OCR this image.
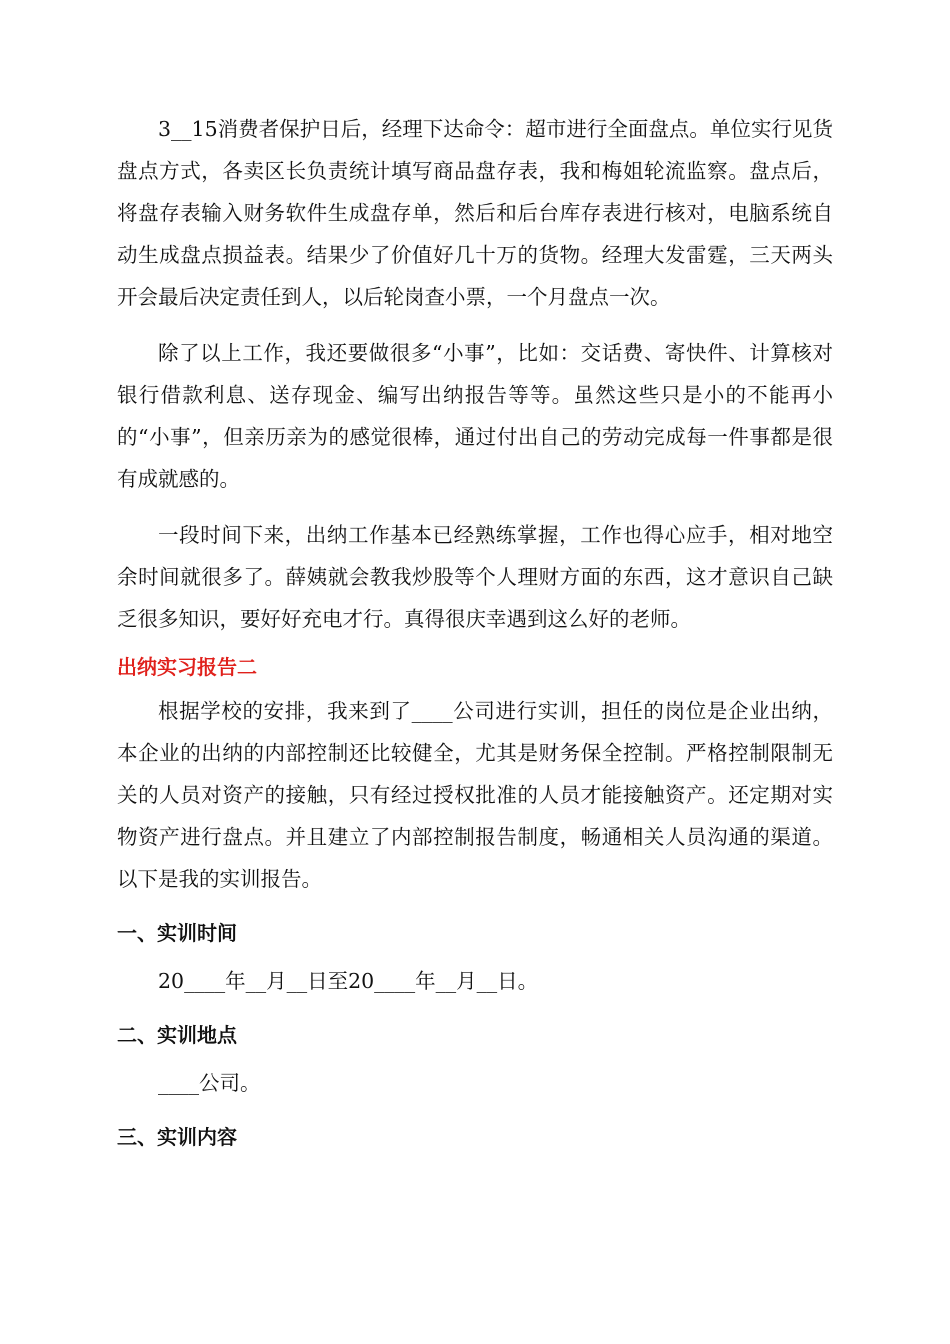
3__15消费者保护日后，经理下达命令：超市进行全面盘点。单位实行见货盘点方式，各卖区长负责统计填写商品盘存表，我和梅姐轮流监察。盘点后，将盘存表输入财务软件生成盘存单，然后和后台库存表进行核对，电脑系统自动生成盘点损益表。结果少了价值好几十万的货物。经理大发雷霆，三天两头开会最后决定责任到人，以后轮岗查小票，一个月盘点一次。

除了以上工作，我还要做很多“小事”，比如：交话费、寄快件、计算核对银行借款利息、送存现金、编写出纳报告等等。虽然这些只是小的不能再小的“小事”，但亲历亲为的感觉很棒，通过付出自己的劳动完成每一件事都是很有成就感的。

一段时间下来，出纳工作基本已经熟练掌握，工作也得心应手，相对地空余时间就很多了。薛姨就会教我炒股等个人理财方面的东西，这才意识自己缺乏很多知识，要好好充电才行。真得很庆幸遇到这么好的老师。

出纳实习报告二

根据学校的安排，我来到了____公司进行实训，担任的岗位是企业出纳，本企业的出纳的内部控制还比较健全，尤其是财务保全控制。严格控制限制无关的人员对资产的接触，只有经过授权批准的人员才能接触资产。还定期对实物资产进行盘点。并且建立了内部控制报告制度，畅通相关人员沟通的渠道。以下是我的实训报告。

一、实训时间

20____年__月__日至20____年__月__日。

二、实训地点

____公司。

三、实训内容
